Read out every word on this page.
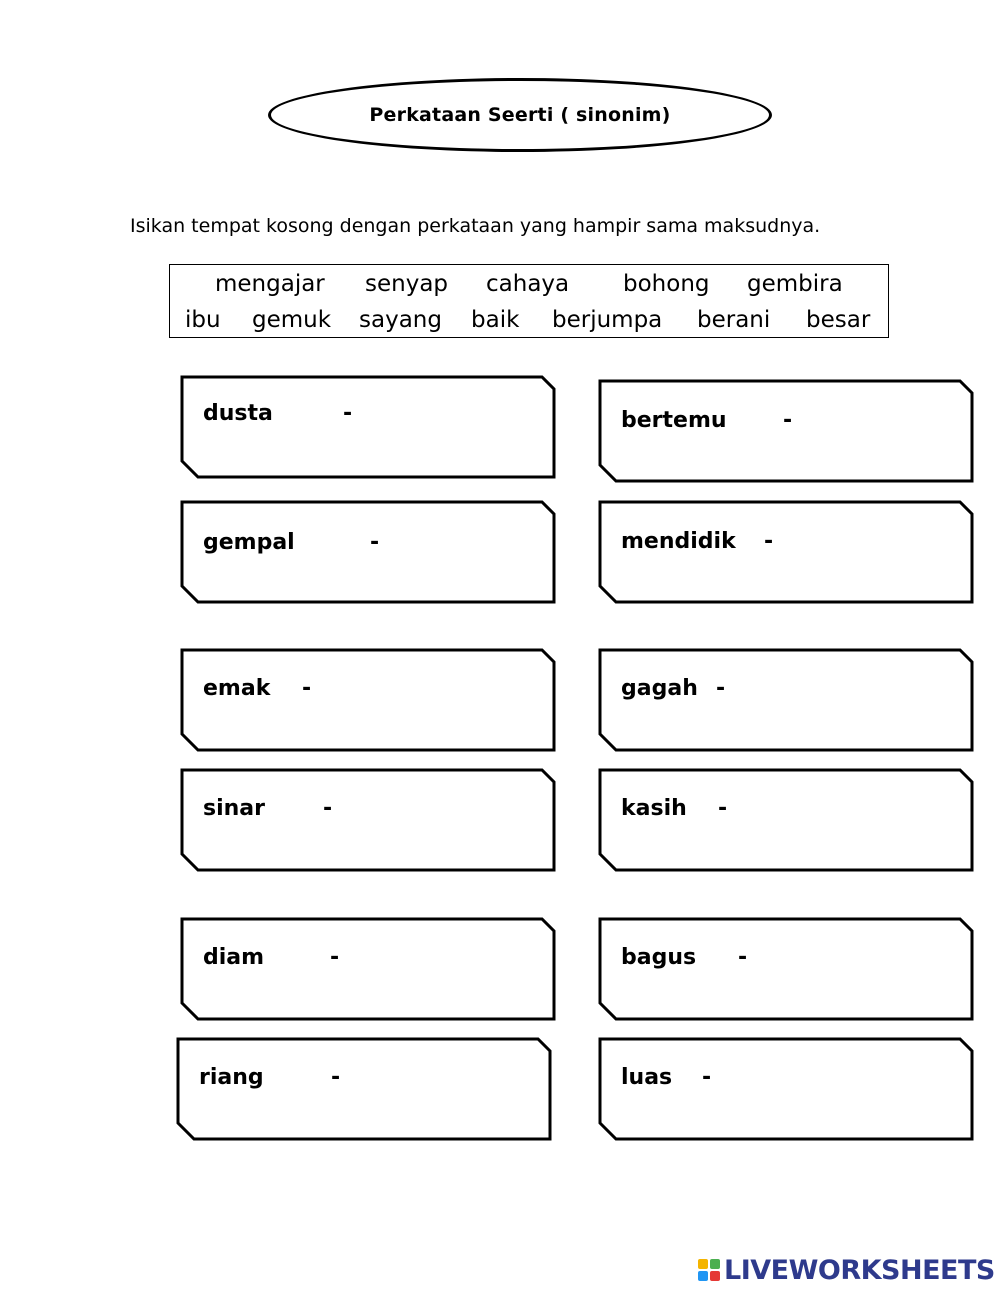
Perkataan Seerti ( sinonim)
Isikan tempat kosong dengan perkataan yang hampir sama maksudnya.
mengajar senyap cahaya bohong gembira
ibu gemuk sayang baik berjumpa berani besar
dusta	-	bertemu	-
gempal	-	mendidik -
emak -	gagah -
sinar	-	kasih -
diam	-	bagus -
riang	-	luas -
LIVEWORKSHEETS
